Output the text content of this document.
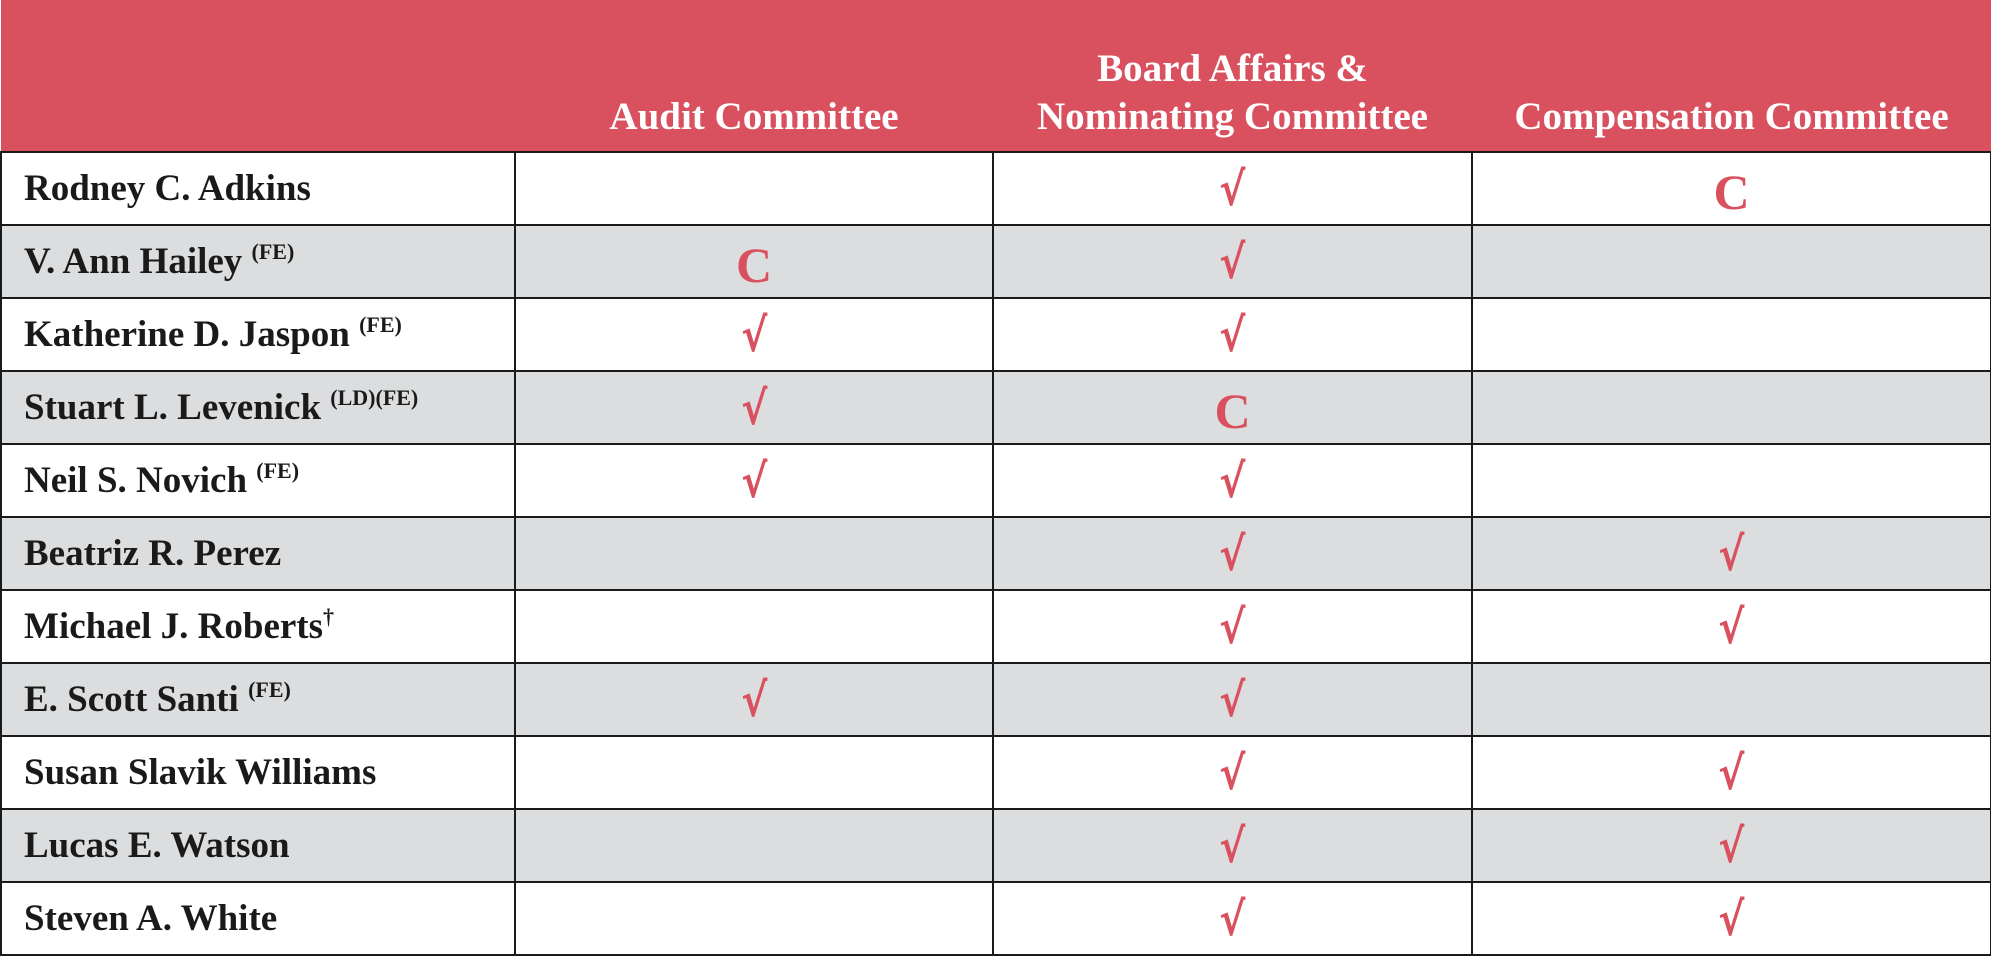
	Audit Committee	Board Affairs &
Nominating Committee	Compensation Committee
Rodney C. Adkins		√	C
V. Ann Hailey $^{(FE)}$	C	√	
Katherine D. Jaspon $^{(FE)}$	√	√	
Stuart L. Levenick $^{(LD)(FE)}$	√	C	
Neil S. Novich $^{(FE)}$	√	√	
Beatriz R. Perez		√	√
Michael J. Roberts†		√	√
E. Scott Santi $^{(FE)}$	√	√	
Susan Slavik Williams		√	√
Lucas E. Watson		√	√
Steven A. White		√	√
